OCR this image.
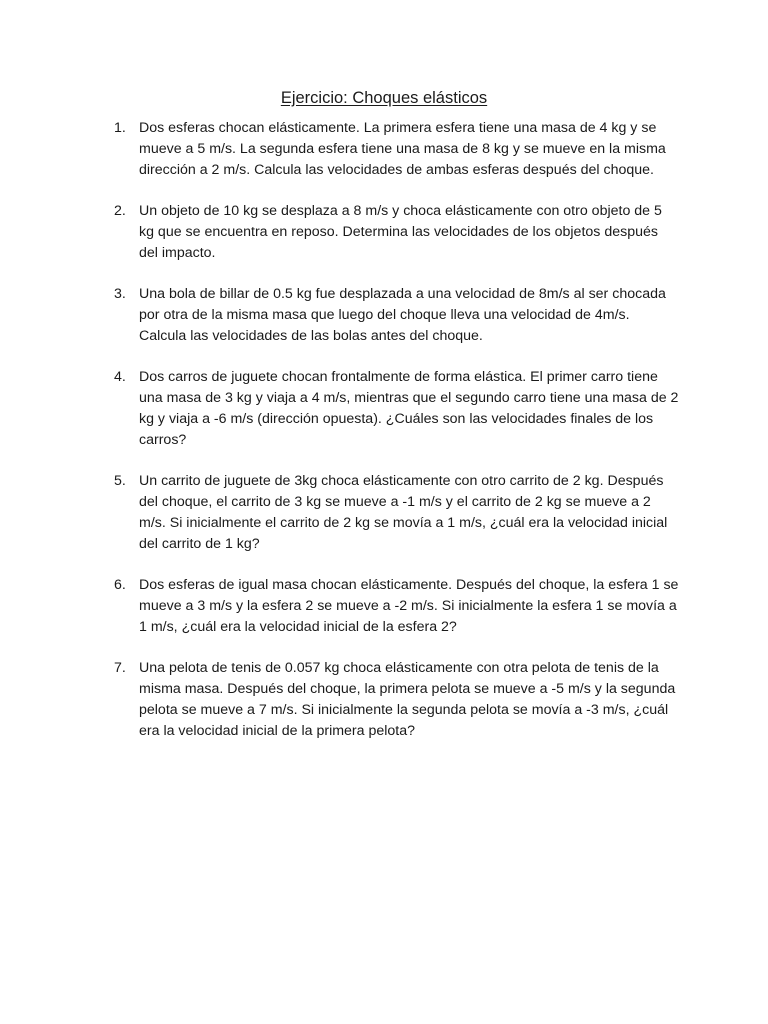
Ejercicio: Choques elásticos
1. Dos esferas chocan elásticamente. La primera esfera tiene una masa de 4 kg y se mueve a 5 m/s. La segunda esfera tiene una masa de 8 kg y se mueve en la misma dirección a 2 m/s. Calcula las velocidades de ambas esferas después del choque.
2. Un objeto de 10 kg se desplaza a 8 m/s y choca elásticamente con otro objeto de 5 kg que se encuentra en reposo. Determina las velocidades de los objetos después del impacto.
3. Una bola de billar de 0.5 kg fue desplazada a una velocidad de 8m/s al ser chocada por otra de la misma masa que luego del choque lleva una velocidad de 4m/s. Calcula las velocidades de las bolas antes del choque.
4. Dos carros de juguete chocan frontalmente de forma elástica. El primer carro tiene una masa de 3 kg y viaja a 4 m/s, mientras que el segundo carro tiene una masa de 2 kg y viaja a -6 m/s (dirección opuesta). ¿Cuáles son las velocidades finales de los carros?
5. Un carrito de juguete de 3kg choca elásticamente con otro carrito de 2 kg. Después del choque, el carrito de 3 kg se mueve a -1 m/s y el carrito de 2 kg se mueve a 2 m/s. Si inicialmente el carrito de 2 kg se movía a 1 m/s, ¿cuál era la velocidad inicial del carrito de 1 kg?
6. Dos esferas de igual masa chocan elásticamente. Después del choque, la esfera 1 se mueve a 3 m/s y la esfera 2 se mueve a -2 m/s. Si inicialmente la esfera 1 se movía a 1 m/s, ¿cuál era la velocidad inicial de la esfera 2?
7. Una pelota de tenis de 0.057 kg choca elásticamente con otra pelota de tenis de la misma masa. Después del choque, la primera pelota se mueve a -5 m/s y la segunda pelota se mueve a 7 m/s. Si inicialmente la segunda pelota se movía a -3 m/s, ¿cuál era la velocidad inicial de la primera pelota?
